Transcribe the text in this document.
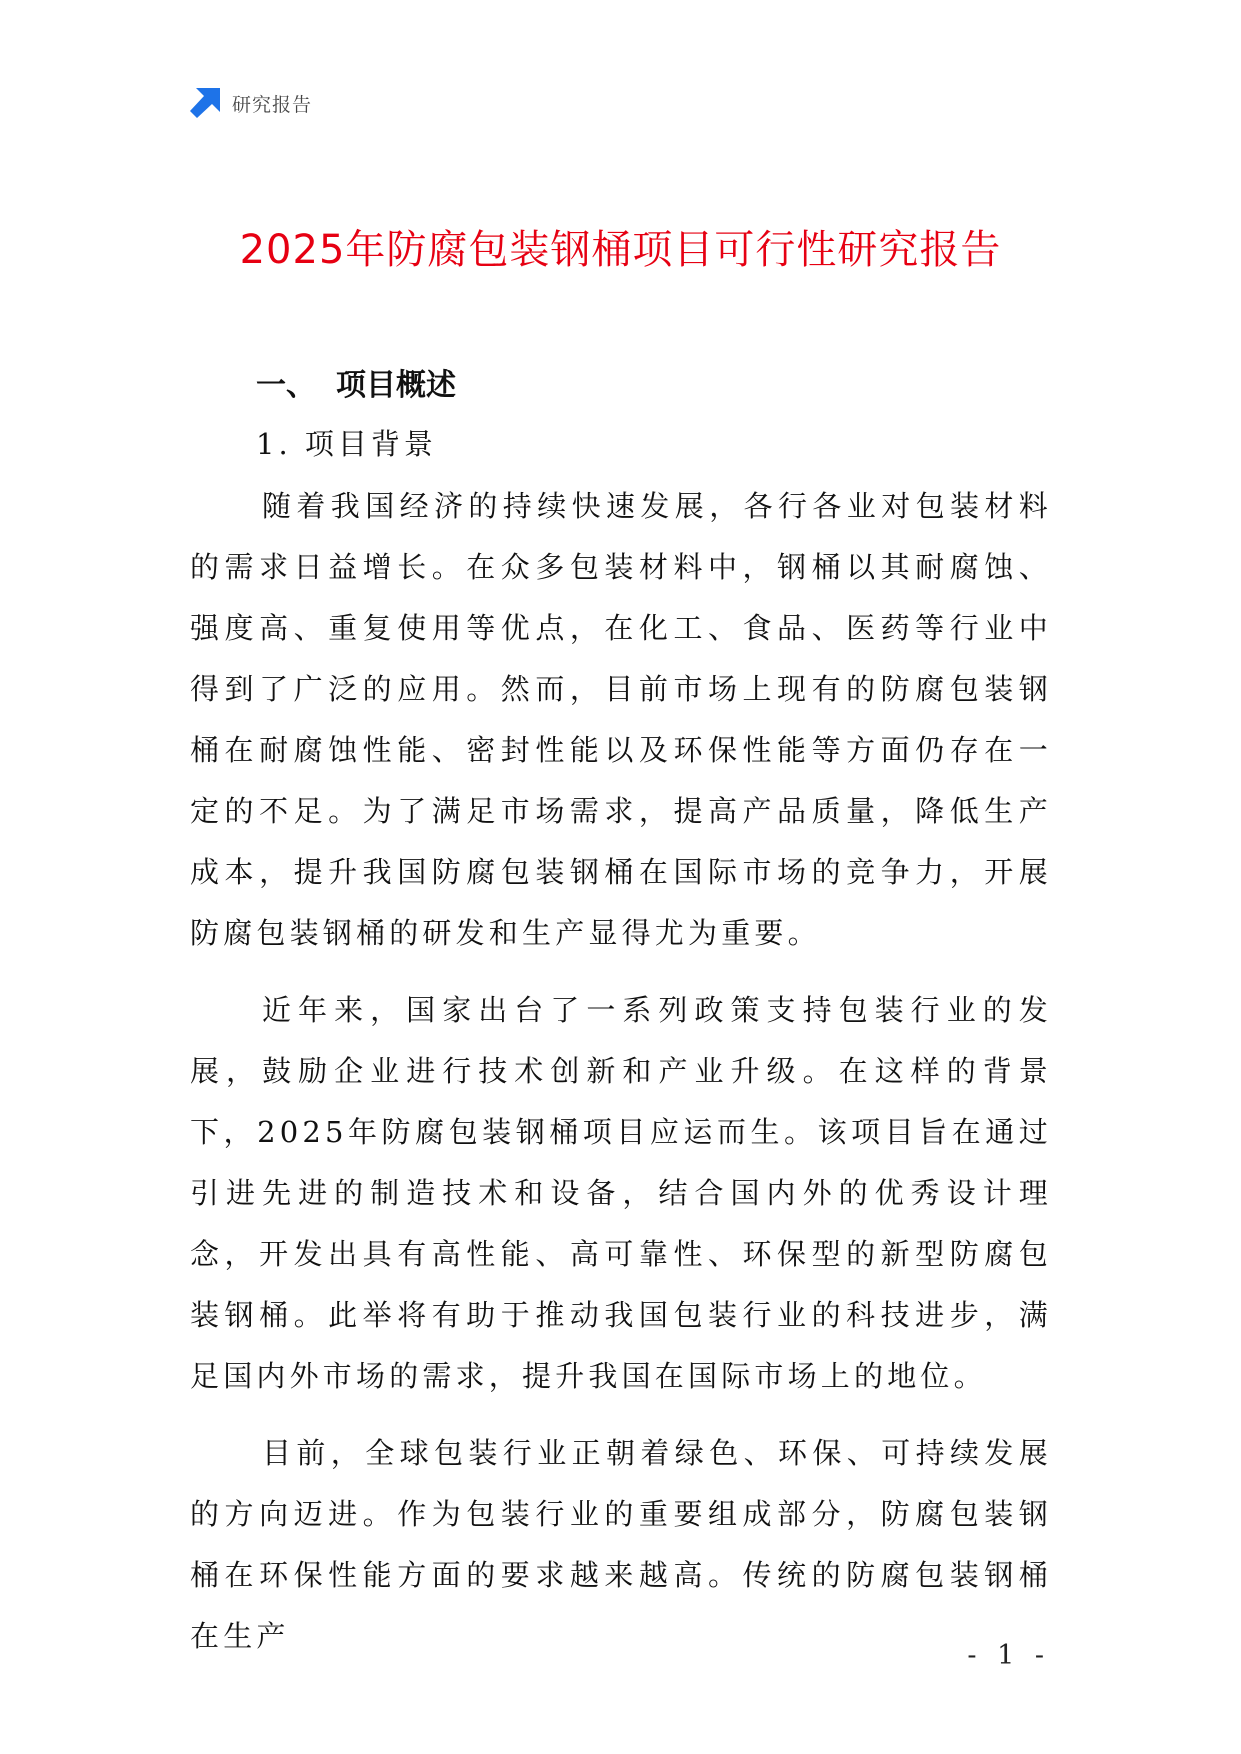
研究报告
2025年防腐包装钢桶项目可行性研究报告
一、 项目概述
1. 项目背景

随着我国经济的持续快速发展，各行各业对包装材料的需求日益增长。在众多包装材料中，钢桶以其耐腐蚀、强度高、重复使用等优点，在化工、食品、医药等行业中得到了广泛的应用。然而，目前市场上现有的防腐包装钢桶在耐腐蚀性能、密封性能以及环保性能等方面仍存在一定的不足。为了满足市场需求，提高产品质量，降低生产成本，提升我国防腐包装钢桶在国际市场的竞争力，开展防腐包装钢桶的研发和生产显得尤为重要。

近年来，国家出台了一系列政策支持包装行业的发展，鼓励企业进行技术创新和产业升级。在这样的背景下，2025年防腐包装钢桶项目应运而生。该项目旨在通过引进先进的制造技术和设备，结合国内外的优秀设计理念，开发出具有高性能、高可靠性、环保型的新型防腐包装钢桶。此举将有助于推动我国包装行业的科技进步，满足国内外市场的需求，提升我国在国际市场上的地位。

目前，全球包装行业正朝着绿色、环保、可持续发展的方向迈进。作为包装行业的重要组成部分，防腐包装钢桶在环保性能方面的要求越来越高。传统的防腐包装钢桶在生产

- 1 -
